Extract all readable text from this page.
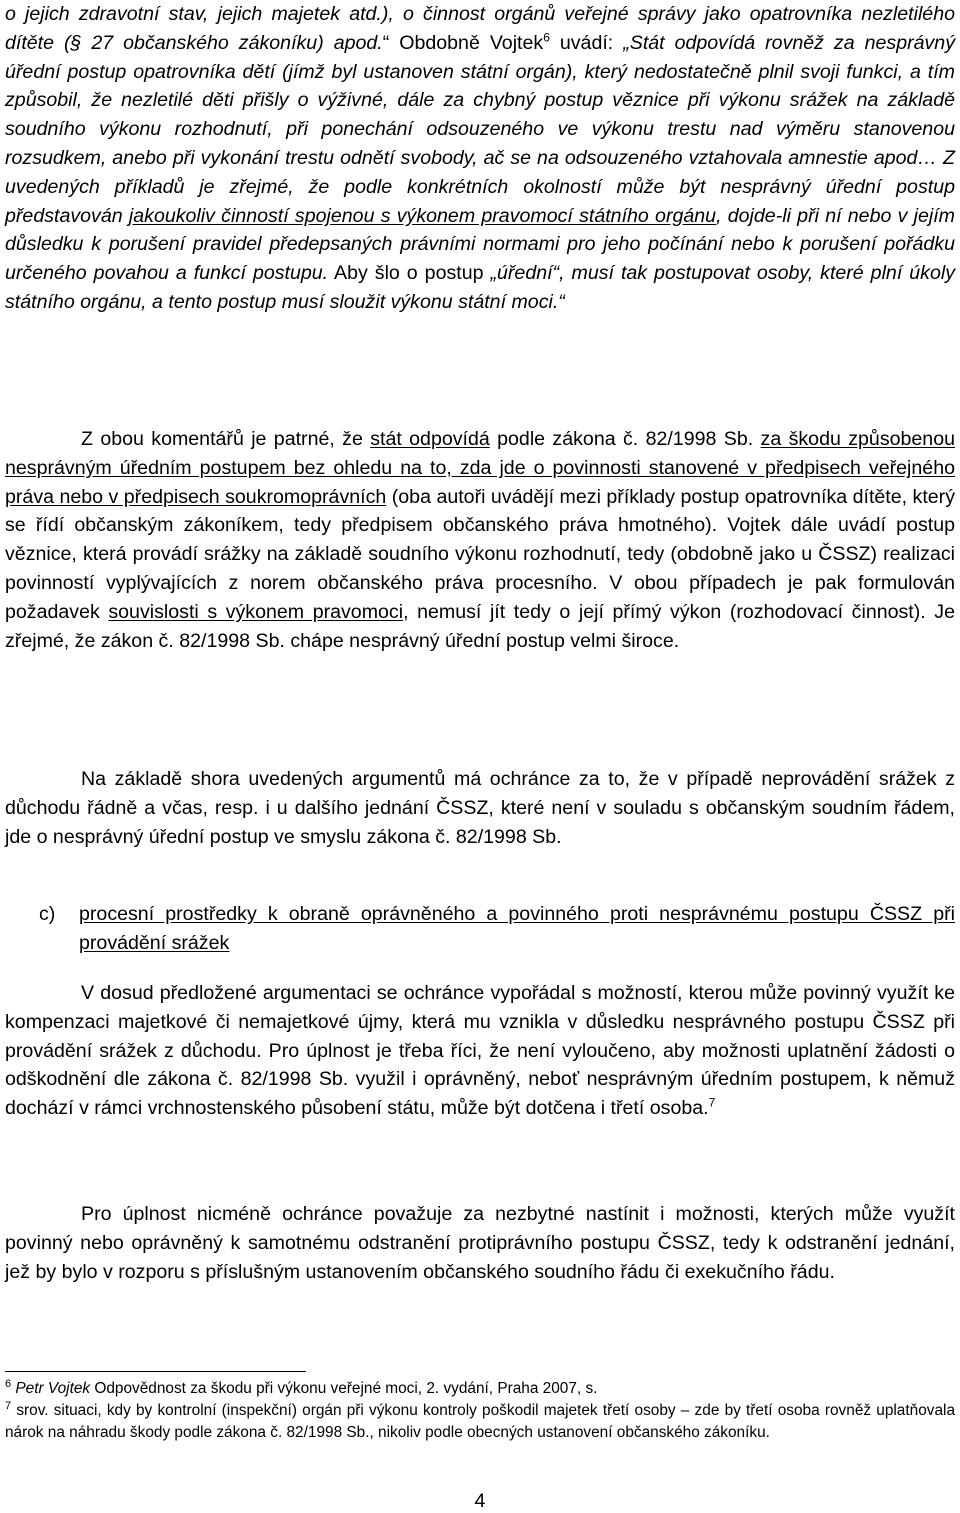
o jejich zdravotní stav, jejich majetek atd.), o činnost orgánů veřejné správy jako opatrovníka nezletilého dítěte (§ 27 občanského zákoníku) apod.“ Obdobně Vojtek$^6$ uvádí: „Stát odpovídá rovněž za nesprávný úřední postup opatrovníka dětí (jímž byl ustanoven státní orgán), který nedostatečně plnil svoji funkci, a tím způsobil, že nezletilé děti přišly o výživné, dále za chybný postup věznice při výkonu srážek na základě soudního výkonu rozhodnutí, při ponechání odsouzeného ve výkonu trestu nad výměru stanovenou rozsudkem, anebo při vykonání trestu odnětí svobody, ač se na odsouzeného vztahovala amnestie apod… Z uvedených příkladů je zřejmé, že podle konkrétních okolností může být nesprávný úřední postup představován jakoukoliv činností spojenou s výkonem pravomocí státního orgánu, dojde-li při ní nebo v jejím důsledku k porušení pravidel předepsaných právními normami pro jeho počínání nebo k porušení pořádku určeného povahou a funkcí postupu. Aby šlo o postup „úřední“, musí tak postupovat osoby, které plní úkoly státního orgánu, a tento postup musí sloužit výkonu státní moci.“

Z obou komentářů je patrné, že stát odpovídá podle zákona č. 82/1998 Sb. za škodu způsobenou nesprávným úředním postupem bez ohledu na to, zda jde o povinnosti stanovené v předpisech veřejného práva nebo v předpisech soukromoprávních (oba autoři uvádějí mezi příklady postup opatrovníka dítěte, který se řídí občanským zákoníkem, tedy předpisem občanského práva hmotného). Vojtek dále uvádí postup věznice, která provádí srážky na základě soudního výkonu rozhodnutí, tedy (obdobně jako u ČSSZ) realizaci povinností vyplývajících z norem občanského práva procesního. V obou případech je pak formulován požadavek souvislosti s výkonem pravomoci, nemusí jít tedy o její přímý výkon (rozhodovací činnost). Je zřejmé, že zákon č. 82/1998 Sb. chápe nesprávný úřední postup velmi široce.

Na základě shora uvedených argumentů má ochránce za to, že v případě neprovádění srážek z důchodu řádně a včas, resp. i u dalšího jednání ČSSZ, které není v souladu s občanským soudním řádem, jde o nesprávný úřední postup ve smyslu zákona č. 82/1998 Sb.

c) procesní prostředky k obraně oprávněného a povinného proti nesprávnému postupu ČSSZ při provádění srážek

V dosud předložené argumentaci se ochránce vypořádal s možností, kterou může povinný využít ke kompenzaci majetkové či nemajetkové újmy, která mu vznikla v důsledku nesprávného postupu ČSSZ při provádění srážek z důchodu. Pro úplnost je třeba říci, že není vyloučeno, aby možnosti uplatnění žádosti o odškodnění dle zákona č. 82/1998 Sb. využil i oprávněný, neboť nesprávným úředním postupem, k němuž dochází v rámci vrchnostenského působení státu, může být dotčena i třetí osoba.$^7$

Pro úplnost nicméně ochránce považuje za nezbytné nastínit i možnosti, kterých může využít povinný nebo oprávněný k samotnému odstranění protiprávního postupu ČSSZ, tedy k odstranění jednání, jež by bylo v rozporu s příslušným ustanovením občanského soudního řádu či exekučního řádu.

$^6$ Petr Vojtek Odpovědnost za škodu při výkonu veřejné moci, 2. vydání, Praha 2007, s.

$^7$ srov. situaci, kdy by kontrolní (inspekční) orgán při výkonu kontroly poškodil majetek třetí osoby – zde by třetí osoba rovněž uplatňovala nárok na náhradu škody podle zákona č. 82/1998 Sb., nikoliv podle obecných ustanovení občanského zákoníku.

4
